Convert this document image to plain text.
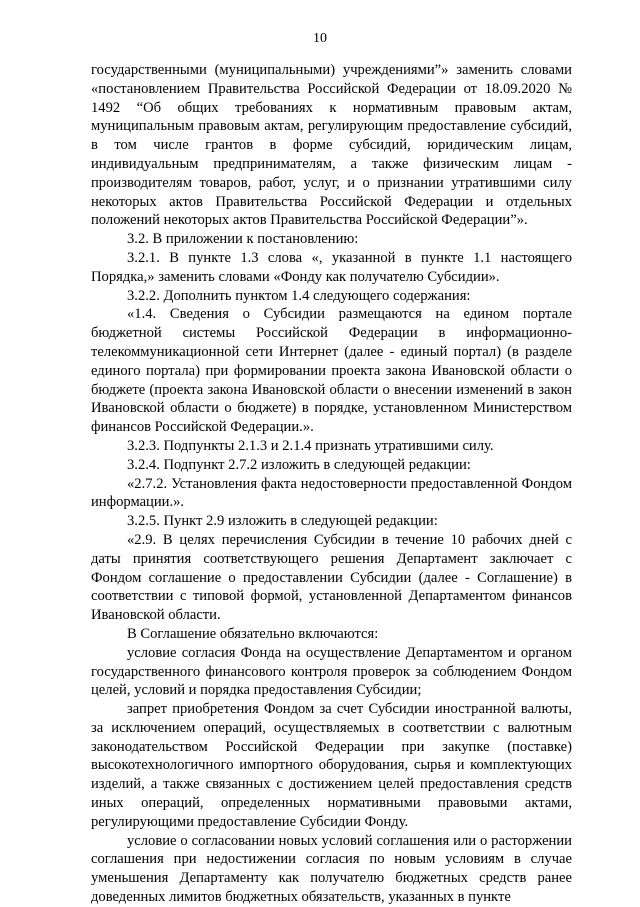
10

государственными (муниципальными) учреждениями”» заменить словами «постановлением Правительства Российской Федерации от 18.09.2020 № 1492 “Об общих требованиях к нормативным правовым актам, муниципальным правовым актам, регулирующим предоставление субсидий, в том числе грантов в форме субсидий, юридическим лицам, индивидуальным предпринимателям, а также физическим лицам - производителям товаров, работ, услуг, и о признании утратившими силу некоторых актов Правительства Российской Федерации и отдельных положений некоторых актов Правительства Российской Федерации”».

3.2. В приложении к постановлению:

3.2.1. В пункте 1.3 слова «, указанной в пункте 1.1 настоящего Порядка,» заменить словами «Фонду как получателю Субсидии».

3.2.2. Дополнить пунктом 1.4 следующего содержания:

«1.4. Сведения о Субсидии размещаются на едином портале бюджетной системы Российской Федерации в информационно-телекоммуникационной сети Интернет (далее - единый портал) (в разделе единого портала) при формировании проекта закона Ивановской области о бюджете (проекта закона Ивановской области о внесении изменений в закон Ивановской области о бюджете) в порядке, установленном Министерством финансов Российской Федерации.».

3.2.3. Подпункты 2.1.3 и 2.1.4 признать утратившими силу.

3.2.4. Подпункт 2.7.2 изложить в следующей редакции:

«2.7.2. Установления факта недостоверности предоставленной Фондом информации.».

3.2.5. Пункт 2.9 изложить в следующей редакции:

«2.9. В целях перечисления Субсидии в течение 10 рабочих дней с даты принятия соответствующего решения Департамент заключает с Фондом соглашение о предоставлении Субсидии (далее - Соглашение) в соответствии с типовой формой, установленной Департаментом финансов Ивановской области.

В Соглашение обязательно включаются:

условие согласия Фонда на осуществление Департаментом и органом государственного финансового контроля проверок за соблюдением Фондом целей, условий и порядка предоставления Субсидии;

запрет приобретения Фондом за счет Субсидии иностранной валюты, за исключением операций, осуществляемых в соответствии с валютным законодательством Российской Федерации при закупке (поставке) высокотехнологичного импортного оборудования, сырья и комплектующих изделий, а также связанных с достижением целей предоставления средств иных операций, определенных нормативными правовыми актами, регулирующими предоставление Субсидии Фонду.

условие о согласовании новых условий соглашения или о расторжении соглашения при недостижении согласия по новым условиям в случае уменьшения Департаменту как получателю бюджетных средств ранее доведенных лимитов бюджетных обязательств, указанных в пункте
